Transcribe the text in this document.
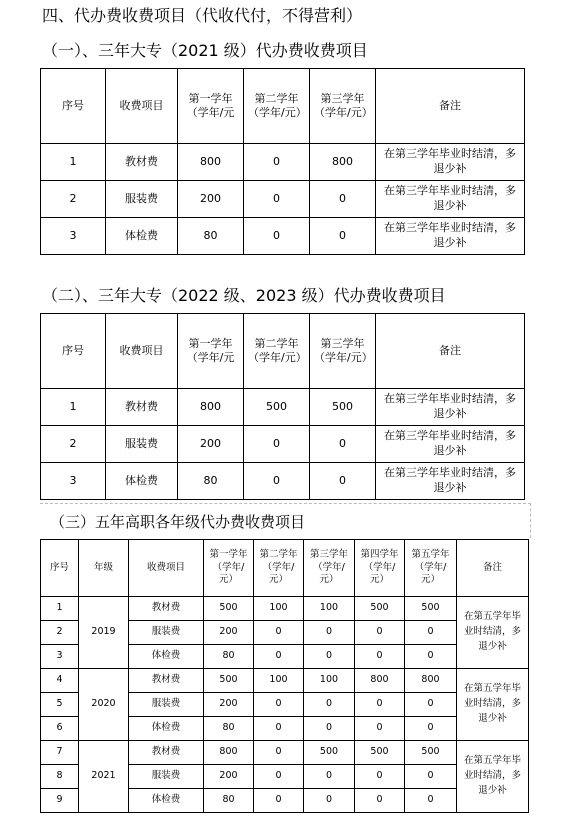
四、代办费收费项目（代收代付，不得营利）
（一）、三年大专（2021 级）代办费收费项目
序号	收费项目	第一学年（学年/元	第二学年（学年/元）	第三学年（学年/元）	备注

1	教材费	800	0	800	在第三学年毕业时结清，多退少补

2	服装费	200	0	0	在第三学年毕业时结清，多退少补

3	体检费	80	0	0	在第三学年毕业时结清，多退少补
（二）、三年大专（2022 级、2023 级）代办费收费项目
序号	收费项目	第一学年（学年/元	第二学年（学年/元）	第三学年（学年/元）	备注

1	教材费	800	500	500	在第三学年毕业时结清，多退少补

2	服装费	200	0	0	在第三学年毕业时结清，多退少补

3	体检费	80	0	0	在第三学年毕业时结清，多退少补
（三）五年高职各年级代办费收费项目
序号	年级	收费项目	第一学年（学年/元）	第二学年（学年/元）	第三学年（学年/元）	第四学年（学年/元）	第五学年（学年/元）	备注

1	2019	教材费	500	100	100	500	500	在第五学年毕业时结清，多退少补

2		服装费	200	0	0	0	0	
3		体检费	80	0	0	0	0	
4	2020	教材费	500	100	100	800	800	在第五学年毕业时结清，多退少补

5		服装费	200	0	0	0	0	
6		体检费	80	0	0	0	0	
7	2021	教材费	800	0	500	500	500	在第五学年毕业时结清，多退少补

8		服装费	200	0	0	0	0	
9		体检费	80	0	0	0	0	
